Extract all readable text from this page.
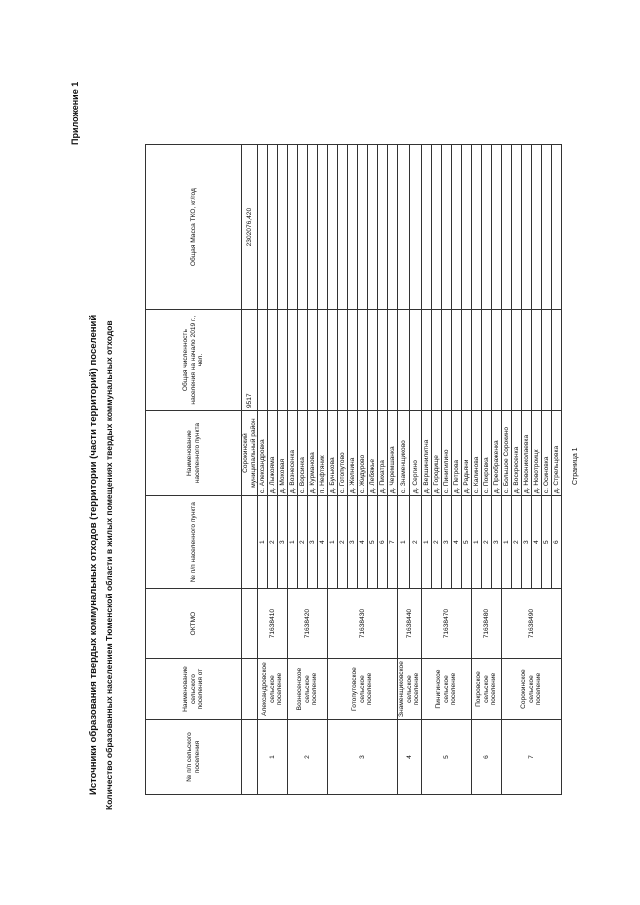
Приложение 1
Источники образования твердых коммунальных отходов (территории (части территорий) поселений Количество образованных населением Тюменской области в жилых помещениях твердых коммунальных отходов	№ п/п сельского поселения	Наименование сельского поселения от	ОКТМО	№ п/п населенного пункта	Наименование населенного пункта	Общая численность населения на начало 2019 г., чел.	Общая Масса ТКО, кг/год
				Сорокинский муниципальный район	9517	2302076,420
1	Александровское сельское поселение	71638410	1	с. Александровка		
			2	д. Лыжояма		
			3	д. Моховая		
2	Вознесенское сельское поселение	71638420	1	д. Вознесенка		
			2	с. Ворсинка		
			3	д. Курманова		
			4	п. Нефтяник		
3	Готопутовское сельское поселение	71638430	1	д. Бунькова		
			2	с. Готопутово		
			3	д. Желнина		
			4	с. Жидурово		
			5	д. Лебяжье		
			6	д. Пихатра		
			7	д. Черемшанка		
4	Знаменщиковское сельское поселение	71638440	1	с. Знаменщиково		
			2	д. Сергино		
5	Пинигинское сельское поселение	71638470	1	д. Вершинилитна		
			2	д. Городище		
			3	с. Пинигилино		
			4	д. Петрова		
			5	д. Радьяни		
6	Покровское сельское поселение	71638480	1	с. Калинова		
			2	с. Покровка		
			3	д. Преображенка		
7	Сорокинское сельское поселение	71638490	1	с. Большое Сорокино		
			2	д. Воскресенка		
			3	д. Новониколаевка		
			4	д. Новотроицк		
			5	с. Осиновка		
			6	д. Стрельцовка		Страница 1
